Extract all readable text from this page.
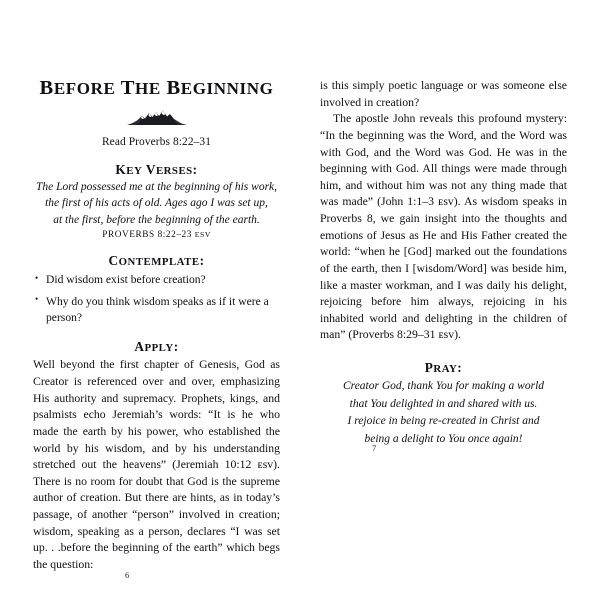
BEFORE THE BEGINNING

Read Proverbs 8:22–31

KEY VERSES:

The Lord possessed me at the beginning of his work,

the first of his acts of old. Ages ago I was set up,

at the first, before the beginning of the earth.

PROVERBS 8:22–23 ESV

CONTEMPLATE:
• Did wisdom exist before creation?
• Why do you think wisdom speaks as if it were a person?
APPLY:

Well beyond the first chapter of Genesis, God as Creator is referenced over and over, emphasizing His authority and supremacy. Prophets, kings, and psalmists echo Jeremiah’s words: “It is he who made the earth by his power, who established the world by his wisdom, and by his understanding stretched out the heavens” (Jeremiah 10:12 ᴇsv). There is no room for doubt that God is the supreme author of creation. But there are hints, as in today’s passage, of another “person” involved in creation; wisdom, speaking as a person, declares “I was set up. . .before the beginning of the earth” which begs the question:

6

is this simply poetic language or was someone else involved in creation?

The apostle John reveals this profound mystery: “In the beginning was the Word, and the Word was with God, and the Word was God. He was in the beginning with God. All things were made through him, and without him was not any thing made that was made” (John 1:1–3 ᴇsv). As wisdom speaks in Proverbs 8, we gain insight into the thoughts and emotions of Jesus as He and His Father created the world: “when he [God] marked out the foundations of the earth, then I [wisdom/Word] was beside him, like a master workman, and I was daily his delight, rejoicing before him always, rejoicing in his inhabited world and delighting in the children of man” (Proverbs 8:29–31 ᴇsv).

PRAY:

Creator God, thank You for making a world

that You delighted in and shared with us.

I rejoice in being re-created in Christ and

being a delight to You once again!

7
